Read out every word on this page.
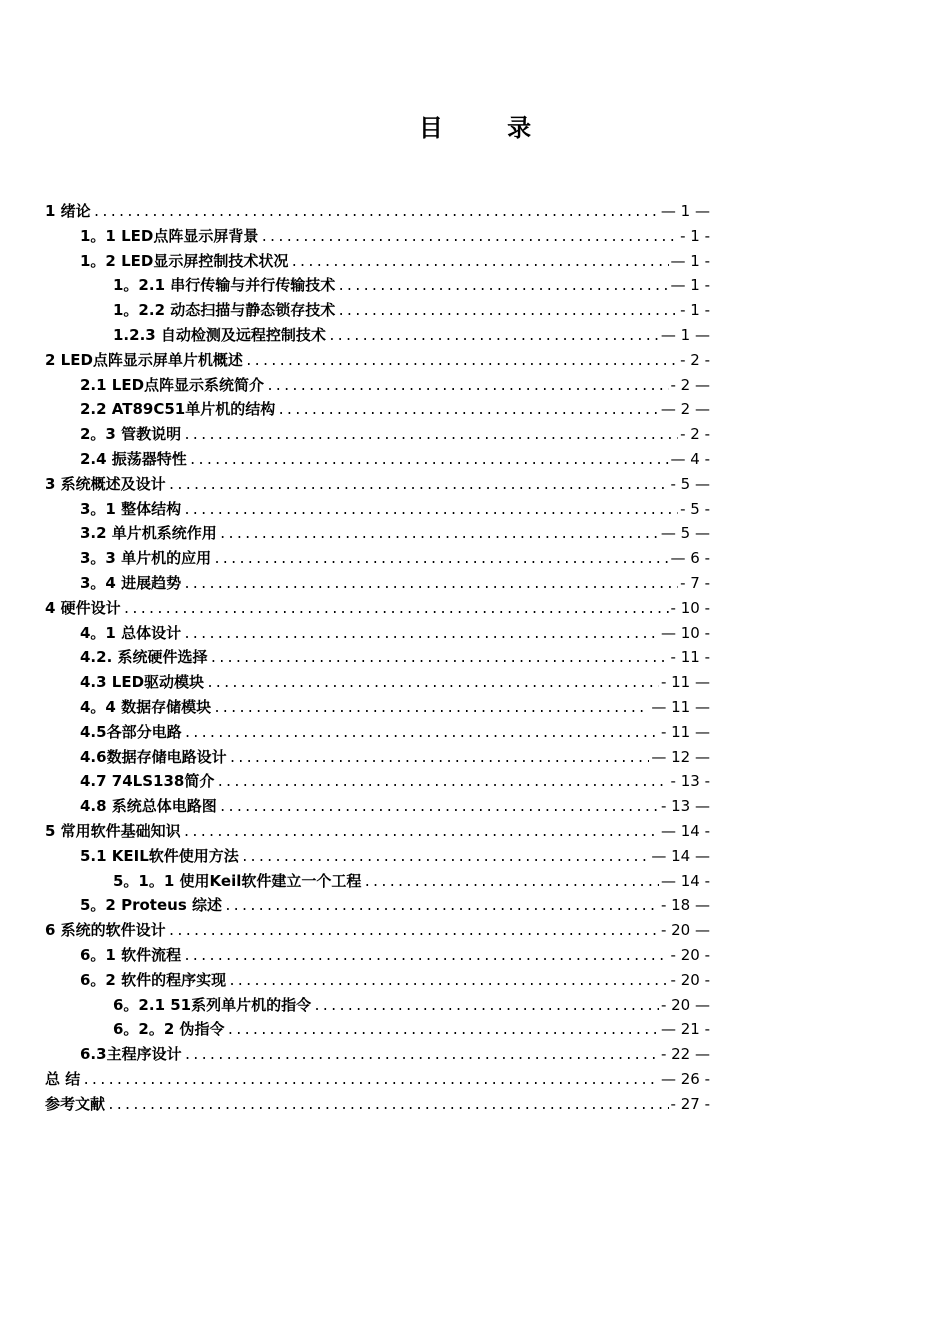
目 录
1 绪论 .....	— 1 —
1。1 LED点阵显示屏背景 .....	- 1 -
1。2 LED显示屏控制技术状况 .....	— 1 -
1。2.1 串行传输与并行传输技术 .....	— 1 -
1。2.2 动态扫描与静态锁存技术 .....	- 1 -
1.2.3 自动检测及远程控制技术 .....	— 1 —
2 LED点阵显示屏单片机概述 .....	- 2 -
2.1 LED点阵显示系统简介 .....	- 2 —
2.2 AT89C51单片机的结构 .....	— 2 —
2。3 管教说明 .....	- 2 -
2.4 振荡器特性 .....	— 4 -
3 系统概述及设计 .....	- 5 —
3。1 整体结构 .....	- 5 -
3.2 单片机系统作用 .....	— 5 —
3。3 单片机的应用 .....	— 6 -
3。4 进展趋势 .....	- 7 -
4 硬件设计 .....	- 10 -
4。1 总体设计 .....	— 10 -
4.2. 系统硬件选择 .....	- 11 -
4.3 LED驱动模块 .....	- 11 —
4。4 数据存储模块 .....	— 11 —
4.5各部分电路 .....	- 11 —
4.6数据存储电路设计 .....	— 12 —
4.7 74LS138简介 .....	- 13 -
4.8 系统总体电路图 .....	- 13 —
5 常用软件基础知识 .....	— 14 -
5.1 KEIL软件使用方法 .....	— 14 —
5。1。1 使用Keil软件建立一个工程 .....	— 14 -
5。2 Proteus 综述 .....	- 18 —
6 系统的软件设计 .....	- 20 —
6。1 软件流程 .....	- 20 -
6。2 软件的程序实现 .....	- 20 -
6。2.1 51系列单片机的指令 .....	- 20 —
6。2。2 伪指令 .....	— 21 -
6.3主程序设计 .....	- 22 —
总 结 .....	— 26 -
参考文献 .....	- 27 -
